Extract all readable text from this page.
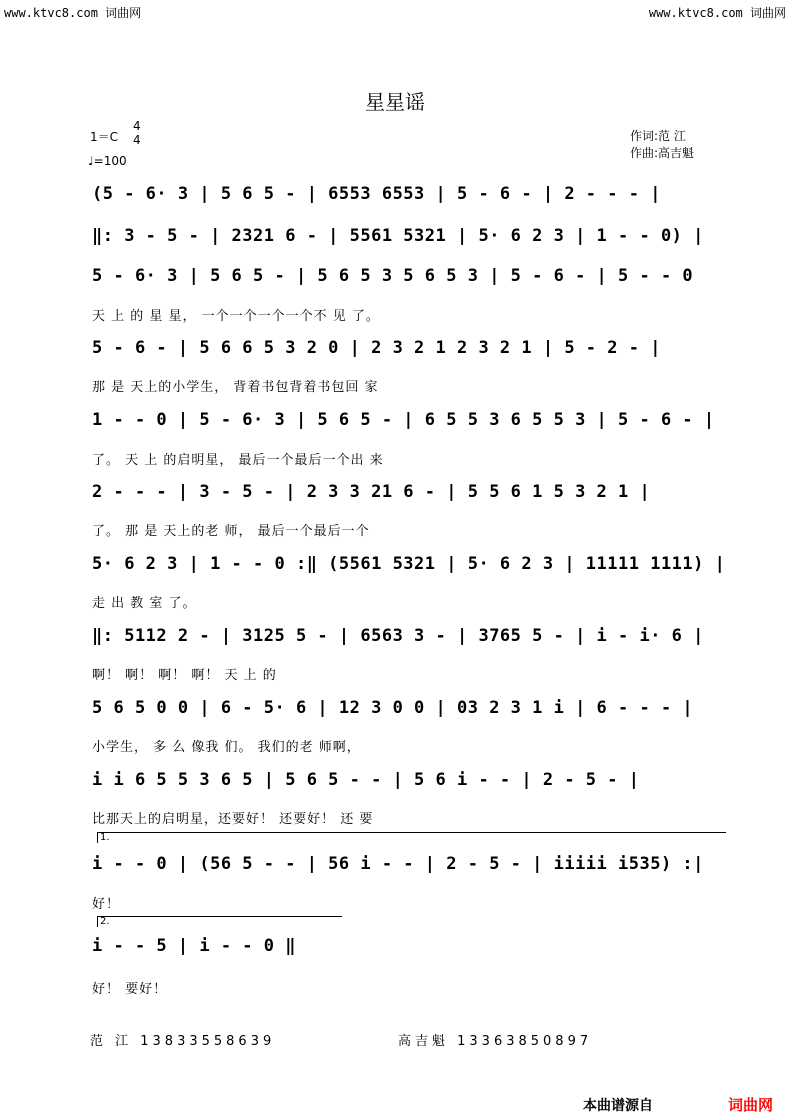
www.ktvc8.com 词曲网	www.ktvc8.com 词曲网
星星谣
1＝C
4
4
♩=100
作词:范 江
作曲:高吉魁
(5 - 6· 3 | 5 6 5 - | 6553 6553 | 5 - 6 - | 2 - - - |
‖: 3 - 5 - | 2321 6 - | 5561 5321 | 5· 6 2 3 | 1 - - 0) |
5 - 6· 3 | 5 6 5 - | 5 6 5 3 5 6 5 3 | 5 - 6 - | 5 - - 0
天 上 的 星 星， 一个一个一个一个不 见 了。
5 - 6 - | 5 6 6 5 3 2 0 | 2 3 2 1 2 3 2 1 | 5 - 2 - |
那 是 天上的小学生， 背着书包背着书包回 家
1 - - 0 | 5 - 6· 3 | 5 6 5 - | 6 5 5 3 6 5 5 3 | 5 - 6 - |
了。 天 上 的启明星， 最后一个最后一个出 来
2 - - - | 3 - 5 - | 2 3 3 21 6 - | 5 5 6 1 5 3 2 1 |
了。 那 是 天上的老 师， 最后一个最后一个
5· 6 2 3 | 1 - - 0 :‖ (5561 5321 | 5· 6 2 3 | 11111 1111) |
走 出 教 室 了。
‖: 5112 2 - | 3125 5 - | 6563 3 - | 3765 5 - | i - i· 6 |
啊！ 啊！ 啊！ 啊！ 天 上 的
5 6 5 0 0 | 6 - 5· 6 | 12 3 0 0 | 03 2 3 1 i | 6 - - - |
小学生， 多 么 像我 们。 我们的老 师啊，
i i 6 5 5 3 6 5 | 5 6 5 - - | 5 6 i - - | 2 - 5 - |
比那天上的启明星，还要好！ 还要好！ 还 要
1.
i - - 0 | (56 5 - - | 56 i - - | 2 - 5 - | iiiii i535) :|
好！
2.
i - - 5 | i - - 0 ‖
好！ 要好！
范 江 13833558639	高吉魁 13363850897
本曲谱源自	词曲网
